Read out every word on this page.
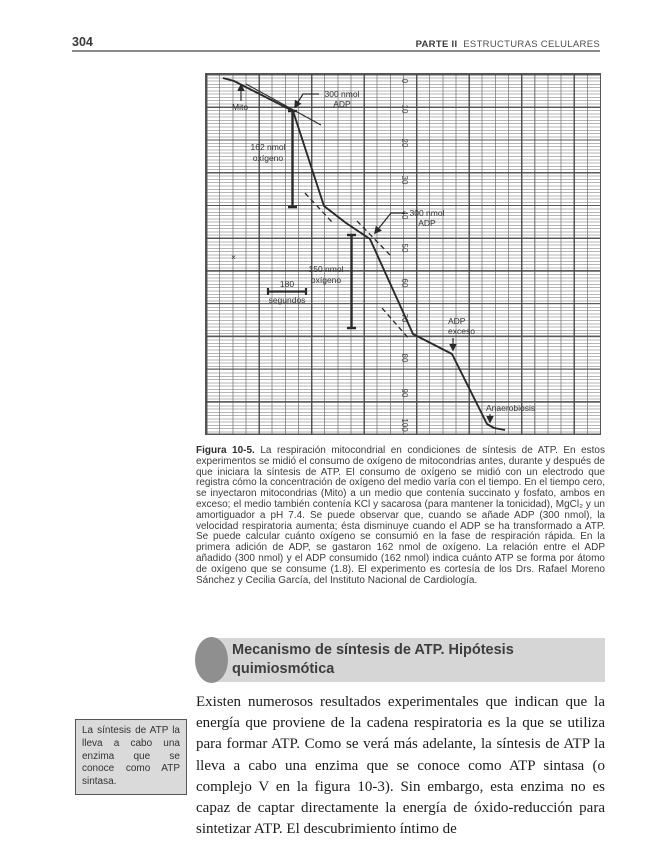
304	PARTE II ESTRUCTURAS CELULARES
0
10
20
30
40
50
60
70
80
90
100
Mito
300 nmol
ADP
162 nmol
oxígeno
300 nmol
ADP
150 nmol
oxígeno
180
segundos
ADP
exceso
Anaerobiosis
×
Figura 10-5. La respiración mitocondrial en condiciones de síntesis de ATP. En estos experimentos se midió el consumo de oxígeno de mitocondrias antes, durante y después de que iniciara la síntesis de ATP. El consumo de oxígeno se midió con un electrodo que registra cómo la concentración de oxígeno del medio varía con el tiempo. En el tiempo cero, se inyectaron mitocondrias (Mito) a un medio que contenía succinato y fosfato, ambos en exceso; el medio también contenía KCl y sacarosa (para mantener la tonicidad), MgCl₂ y un amortiguador a pH 7.4. Se puede observar que, cuando se añade ADP (300 nmol), la velocidad respiratoria aumenta; ésta disminuye cuando el ADP se ha transformado a ATP. Se puede calcular cuánto oxígeno se consumió en la fase de respiración rápida. En la primera adición de ADP, se gastaron 162 nmol de oxígeno. La relación entre el ADP añadido (300 nmol) y el ADP consumido (162 nmol) indica cuánto ATP se forma por átomo de oxígeno que se consume (1.8). El experimento es cortesía de los Drs. Rafael Moreno Sánchez y Cecilia García, del Instituto Nacional de Cardiología.
Mecanismo de síntesis de ATP. Hipótesis
quimiosmótica
Existen numerosos resultados experimentales que indican que la energía que proviene de la cadena respiratoria es la que se utiliza para formar ATP. Como se verá más adelante, la síntesis de ATP la lleva a cabo una enzima que se conoce como ATP sintasa (o complejo V en la figura 10-3). Sin embargo, esta enzima no es capaz de captar directamente la energía de óxido-reducción para sintetizar ATP. El descubrimiento íntimo de
La síntesis de ATP la lleva a cabo una enzima que se conoce como ATP sintasa.
